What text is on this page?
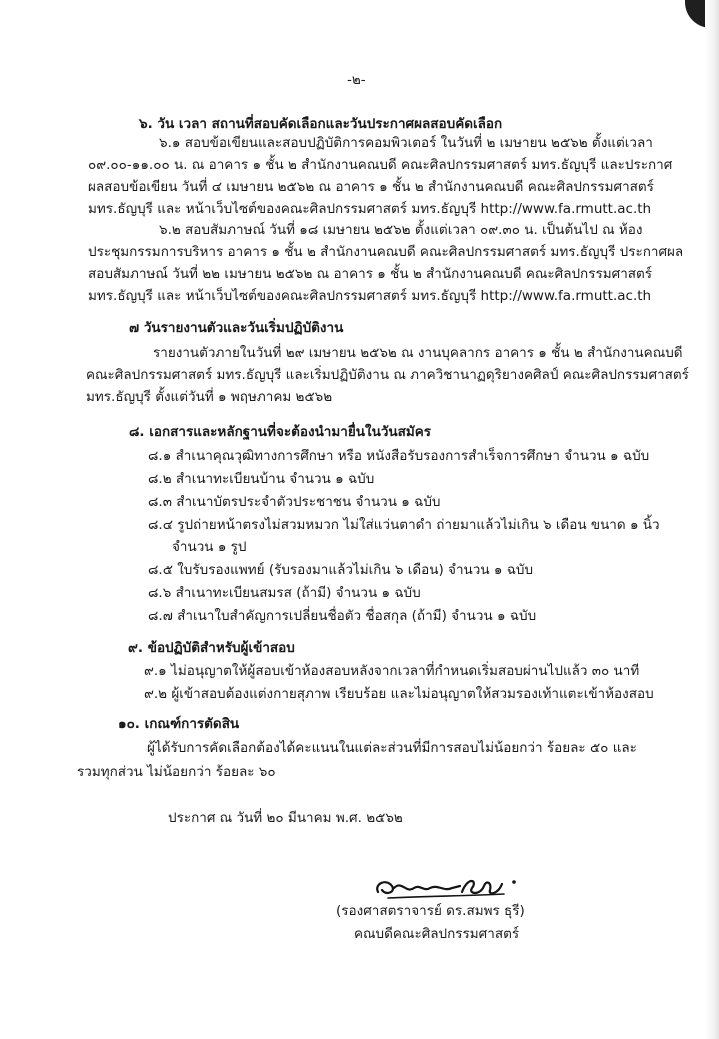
-๒-
๖. วัน เวลา สถานที่สอบคัดเลือกและวันประกาศผลสอบคัดเลือก
๖.๑ สอบข้อเขียนและสอบปฏิบัติการคอมพิวเตอร์ ในวันที่ ๒ เมษายน ๒๕๖๒ ตั้งแต่เวลา
๐๙.๐๐-๑๑.๐๐ น. ณ อาคาร ๑ ชั้น ๒ สำนักงานคณบดี คณะศิลปกรรมศาสตร์ มทร.ธัญบุรี และประกาศ
ผลสอบข้อเขียน วันที่ ๔ เมษายน ๒๕๖๒ ณ อาคาร ๑ ชั้น ๒ สำนักงานคณบดี คณะศิลปกรรมศาสตร์
มทร.ธัญบุรี และ หน้าเว็บไซต์ของคณะศิลปกรรมศาสตร์ มทร.ธัญบุรี http://www.fa.rmutt.ac.th
๖.๒ สอบสัมภาษณ์ วันที่ ๑๘ เมษายน ๒๕๖๒ ตั้งแต่เวลา ๐๙.๓๐ น. เป็นต้นไป ณ ห้อง
ประชุมกรรมการบริหาร อาคาร ๑ ชั้น ๒ สำนักงานคณบดี คณะศิลปกรรมศาสตร์ มทร.ธัญบุรี ประกาศผล
สอบสัมภาษณ์ วันที่ ๒๒ เมษายน ๒๕๖๒ ณ อาคาร ๑ ชั้น ๒ สำนักงานคณบดี คณะศิลปกรรมศาสตร์
มทร.ธัญบุรี และ หน้าเว็บไซต์ของคณะศิลปกรรมศาสตร์ มทร.ธัญบุรี http://www.fa.rmutt.ac.th
๗ วันรายงานตัวและวันเริ่มปฏิบัติงาน
รายงานตัวภายในวันที่ ๒๙ เมษายน ๒๕๖๒ ณ งานบุคลากร อาคาร ๑ ชั้น ๒ สำนักงานคณบดี
คณะศิลปกรรมศาสตร์ มทร.ธัญบุรี และเริ่มปฏิบัติงาน ณ ภาควิชานาฏดุริยางคศิลป์ คณะศิลปกรรมศาสตร์
มทร.ธัญบุรี ตั้งแต่วันที่ ๑ พฤษภาคม ๒๕๖๒
๘. เอกสารและหลักฐานที่จะต้องนำมายื่นในวันสมัคร
๘.๑ สำเนาคุณวุฒิทางการศึกษา หรือ หนังสือรับรองการสำเร็จการศึกษา จำนวน ๑ ฉบับ
๘.๒ สำเนาทะเบียนบ้าน จำนวน ๑ ฉบับ
๘.๓ สำเนาบัตรประจำตัวประชาชน จำนวน ๑ ฉบับ
๘.๔ รูปถ่ายหน้าตรงไม่สวมหมวก ไม่ใส่แว่นตาดำ ถ่ายมาแล้วไม่เกิน ๖ เดือน ขนาด ๑ นิ้ว
จำนวน ๑ รูป
๘.๕ ใบรับรองแพทย์ (รับรองมาแล้วไม่เกิน ๖ เดือน) จำนวน ๑ ฉบับ
๘.๖ สำเนาทะเบียนสมรส (ถ้ามี) จำนวน ๑ ฉบับ
๘.๗ สำเนาใบสำคัญการเปลี่ยนชื่อตัว ชื่อสกุล (ถ้ามี) จำนวน ๑ ฉบับ
๙. ข้อปฏิบัติสำหรับผู้เข้าสอบ
๙.๑ ไม่อนุญาตให้ผู้สอบเข้าห้องสอบหลังจากเวลาที่กำหนดเริ่มสอบผ่านไปแล้ว ๓๐ นาที
๙.๒ ผู้เข้าสอบต้องแต่งกายสุภาพ เรียบร้อย และไม่อนุญาตให้สวมรองเท้าแตะเข้าห้องสอบ
๑๐. เกณฑ์การตัดสิน
ผู้ได้รับการคัดเลือกต้องได้คะแนนในแต่ละส่วนที่มีการสอบไม่น้อยกว่า ร้อยละ ๕๐ และ
รวมทุกส่วน ไม่น้อยกว่า ร้อยละ ๖๐
ประกาศ ณ วันที่ ๒๐ มีนาคม พ.ศ. ๒๕๖๒
(รองศาสตราจารย์ ดร.สมพร ธุรี)
คณบดีคณะศิลปกรรมศาสตร์
